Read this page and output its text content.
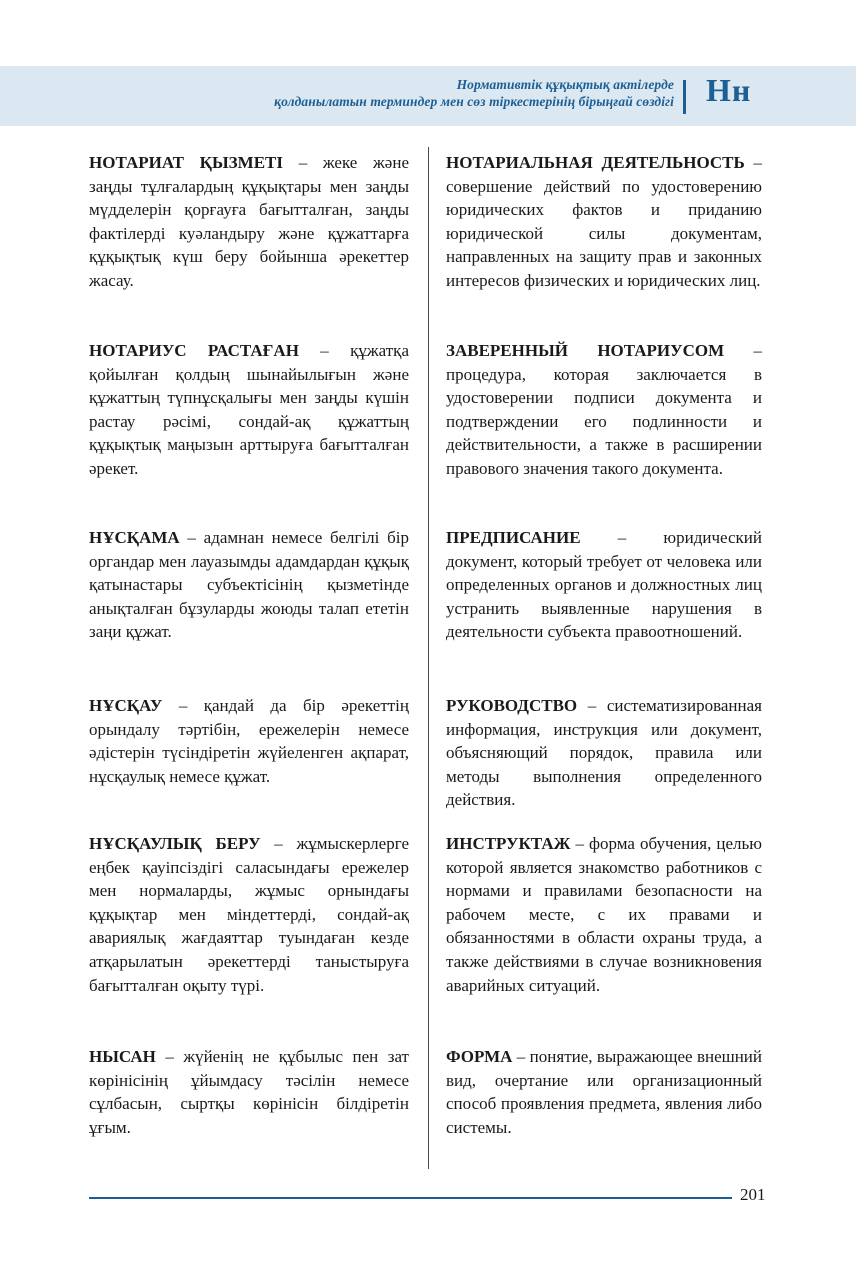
Нормативтік құқықтық актілерде
қолданылатын терминдер мен сөз тіркестерінің бірыңғай сөздігі Нн
НОТАРИАТ ҚЫЗМЕТІ – жеке және заңды тұлғалардың құқықтары мен заңды мүдделерін қорғауға бағытталған, заңды фактілерді куәландыру және құжаттарға құқықтық күш беру бойынша әрекеттер жасау.
НОТАРИАЛЬНАЯ ДЕЯТЕЛЬНОСТЬ – совершение действий по удостоверению юридических фактов и приданию юридической силы документам, направленных на защиту прав и законных интересов физических и юридических лиц.
НОТАРИУС РАСТАҒАН – құжатқа қойылған қолдың шынайылығын және құжаттың түпнұсқалығы мен заңды күшін растау рәсімі, сондай-ақ құжаттың құқықтық маңызын арттыруға бағытталған әрекет.
ЗАВЕРЕННЫЙ НОТАРИУСОМ – процедура, которая заключается в удостоверении подписи документа и подтверждении его подлинности и действительности, а также в расширении правового значения такого документа.
НҰСҚАМА – адамнан немесе белгілі бір органдар мен лауазымды адамдардан құқық қатынастары субъектісінің қызметінде анықталған бұзуларды жоюды талап ететін заңи құжат.
ПРЕДПИСАНИЕ – юридический документ, который требует от человека или определенных органов и должностных лиц устранить выявленные нарушения в деятельности субъекта правоотношений.
НҰСҚАУ – қандай да бір әрекеттің орындалу тәртібін, ережелерін немесе әдістерін түсіндіретін жүйеленген ақпарат, нұсқаулық немесе құжат.
РУКОВОДСТВО – систематизированная информация, инструкция или документ, объясняющий порядок, правила или методы выполнения определенного действия.
НҰСҚАУЛЫҚ БЕРУ – жұмыскерлерге еңбек қауіпсіздігі саласындағы ережелер мен нормаларды, жұмыс орнындағы құқықтар мен міндеттерді, сондай-ақ авариялық жағдаяттар туындаған кезде атқарылатын әрекеттерді таныстыруға бағытталған оқыту түрі.
ИНСТРУКТАЖ – форма обучения, целью которой является знакомство работников с нормами и правилами безопасности на рабочем месте, с их правами и обязанностями в области охраны труда, а также действиями в случае возникновения аварийных ситуаций.
НЫСАН – жүйенің не құбылыс пен зат көрінісінің ұйымдасу тәсілін немесе сұлбасын, сыртқы көрінісін білдіретін ұғым.
ФОРМА – понятие, выражающее внешний вид, очертание или организационный способ проявления предмета, явления либо системы.
201
